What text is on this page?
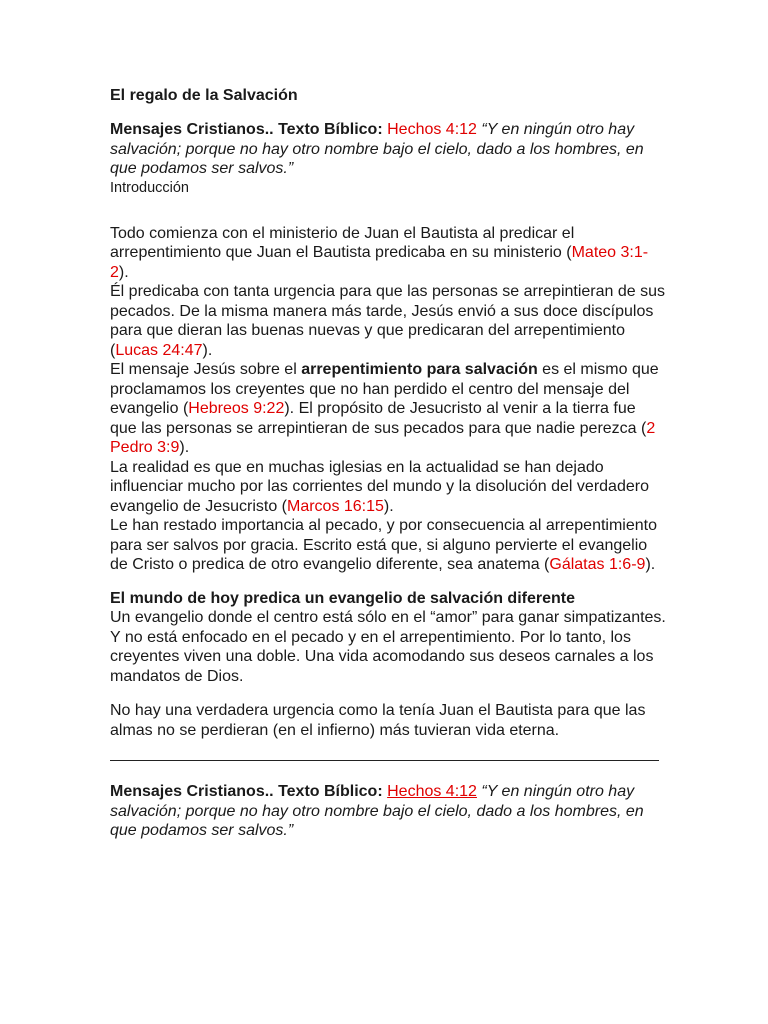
El regalo de la Salvación

Mensajes Cristianos.. Texto Bíblico: Hechos 4:12 “Y en ningún otro hay salvación; porque no hay otro nombre bajo el cielo, dado a los hombres, en que podamos ser salvos.”

Introducción

Todo comienza con el ministerio de Juan el Bautista al predicar el arrepentimiento que Juan el Bautista predicaba en su ministerio (Mateo 3:1-2).

Él predicaba con tanta urgencia para que las personas se arrepintieran de sus pecados. De la misma manera más tarde, Jesús envió a sus doce discípulos para que dieran las buenas nuevas y que predicaran del arrepentimiento (Lucas 24:47).

El mensaje Jesús sobre el arrepentimiento para salvación es el mismo que proclamamos los creyentes que no han perdido el centro del mensaje del evangelio (Hebreos 9:22). El propósito de Jesucristo al venir a la tierra fue que las personas se arrepintieran de sus pecados para que nadie perezca (2 Pedro 3:9).

La realidad es que en muchas iglesias en la actualidad se han dejado influenciar mucho por las corrientes del mundo y la disolución del verdadero evangelio de Jesucristo (Marcos 16:15).

Le han restado importancia al pecado, y por consecuencia al arrepentimiento para ser salvos por gracia. Escrito está que, si alguno pervierte el evangelio de Cristo o predica de otro evangelio diferente, sea anatema (Gálatas 1:6-9).

El mundo de hoy predica un evangelio de salvación diferente

Un evangelio donde el centro está sólo en el “amor” para ganar simpatizantes. Y no está enfocado en el pecado y en el arrepentimiento. Por lo tanto, los creyentes viven una doble. Una vida acomodando sus deseos carnales a los mandatos de Dios.

No hay una verdadera urgencia como la tenía Juan el Bautista para que las almas no se perdieran (en el infierno) más tuvieran vida eterna.

Mensajes Cristianos.. Texto Bíblico: Hechos 4:12 “Y en ningún otro hay salvación; porque no hay otro nombre bajo el cielo, dado a los hombres, en que podamos ser salvos.”
